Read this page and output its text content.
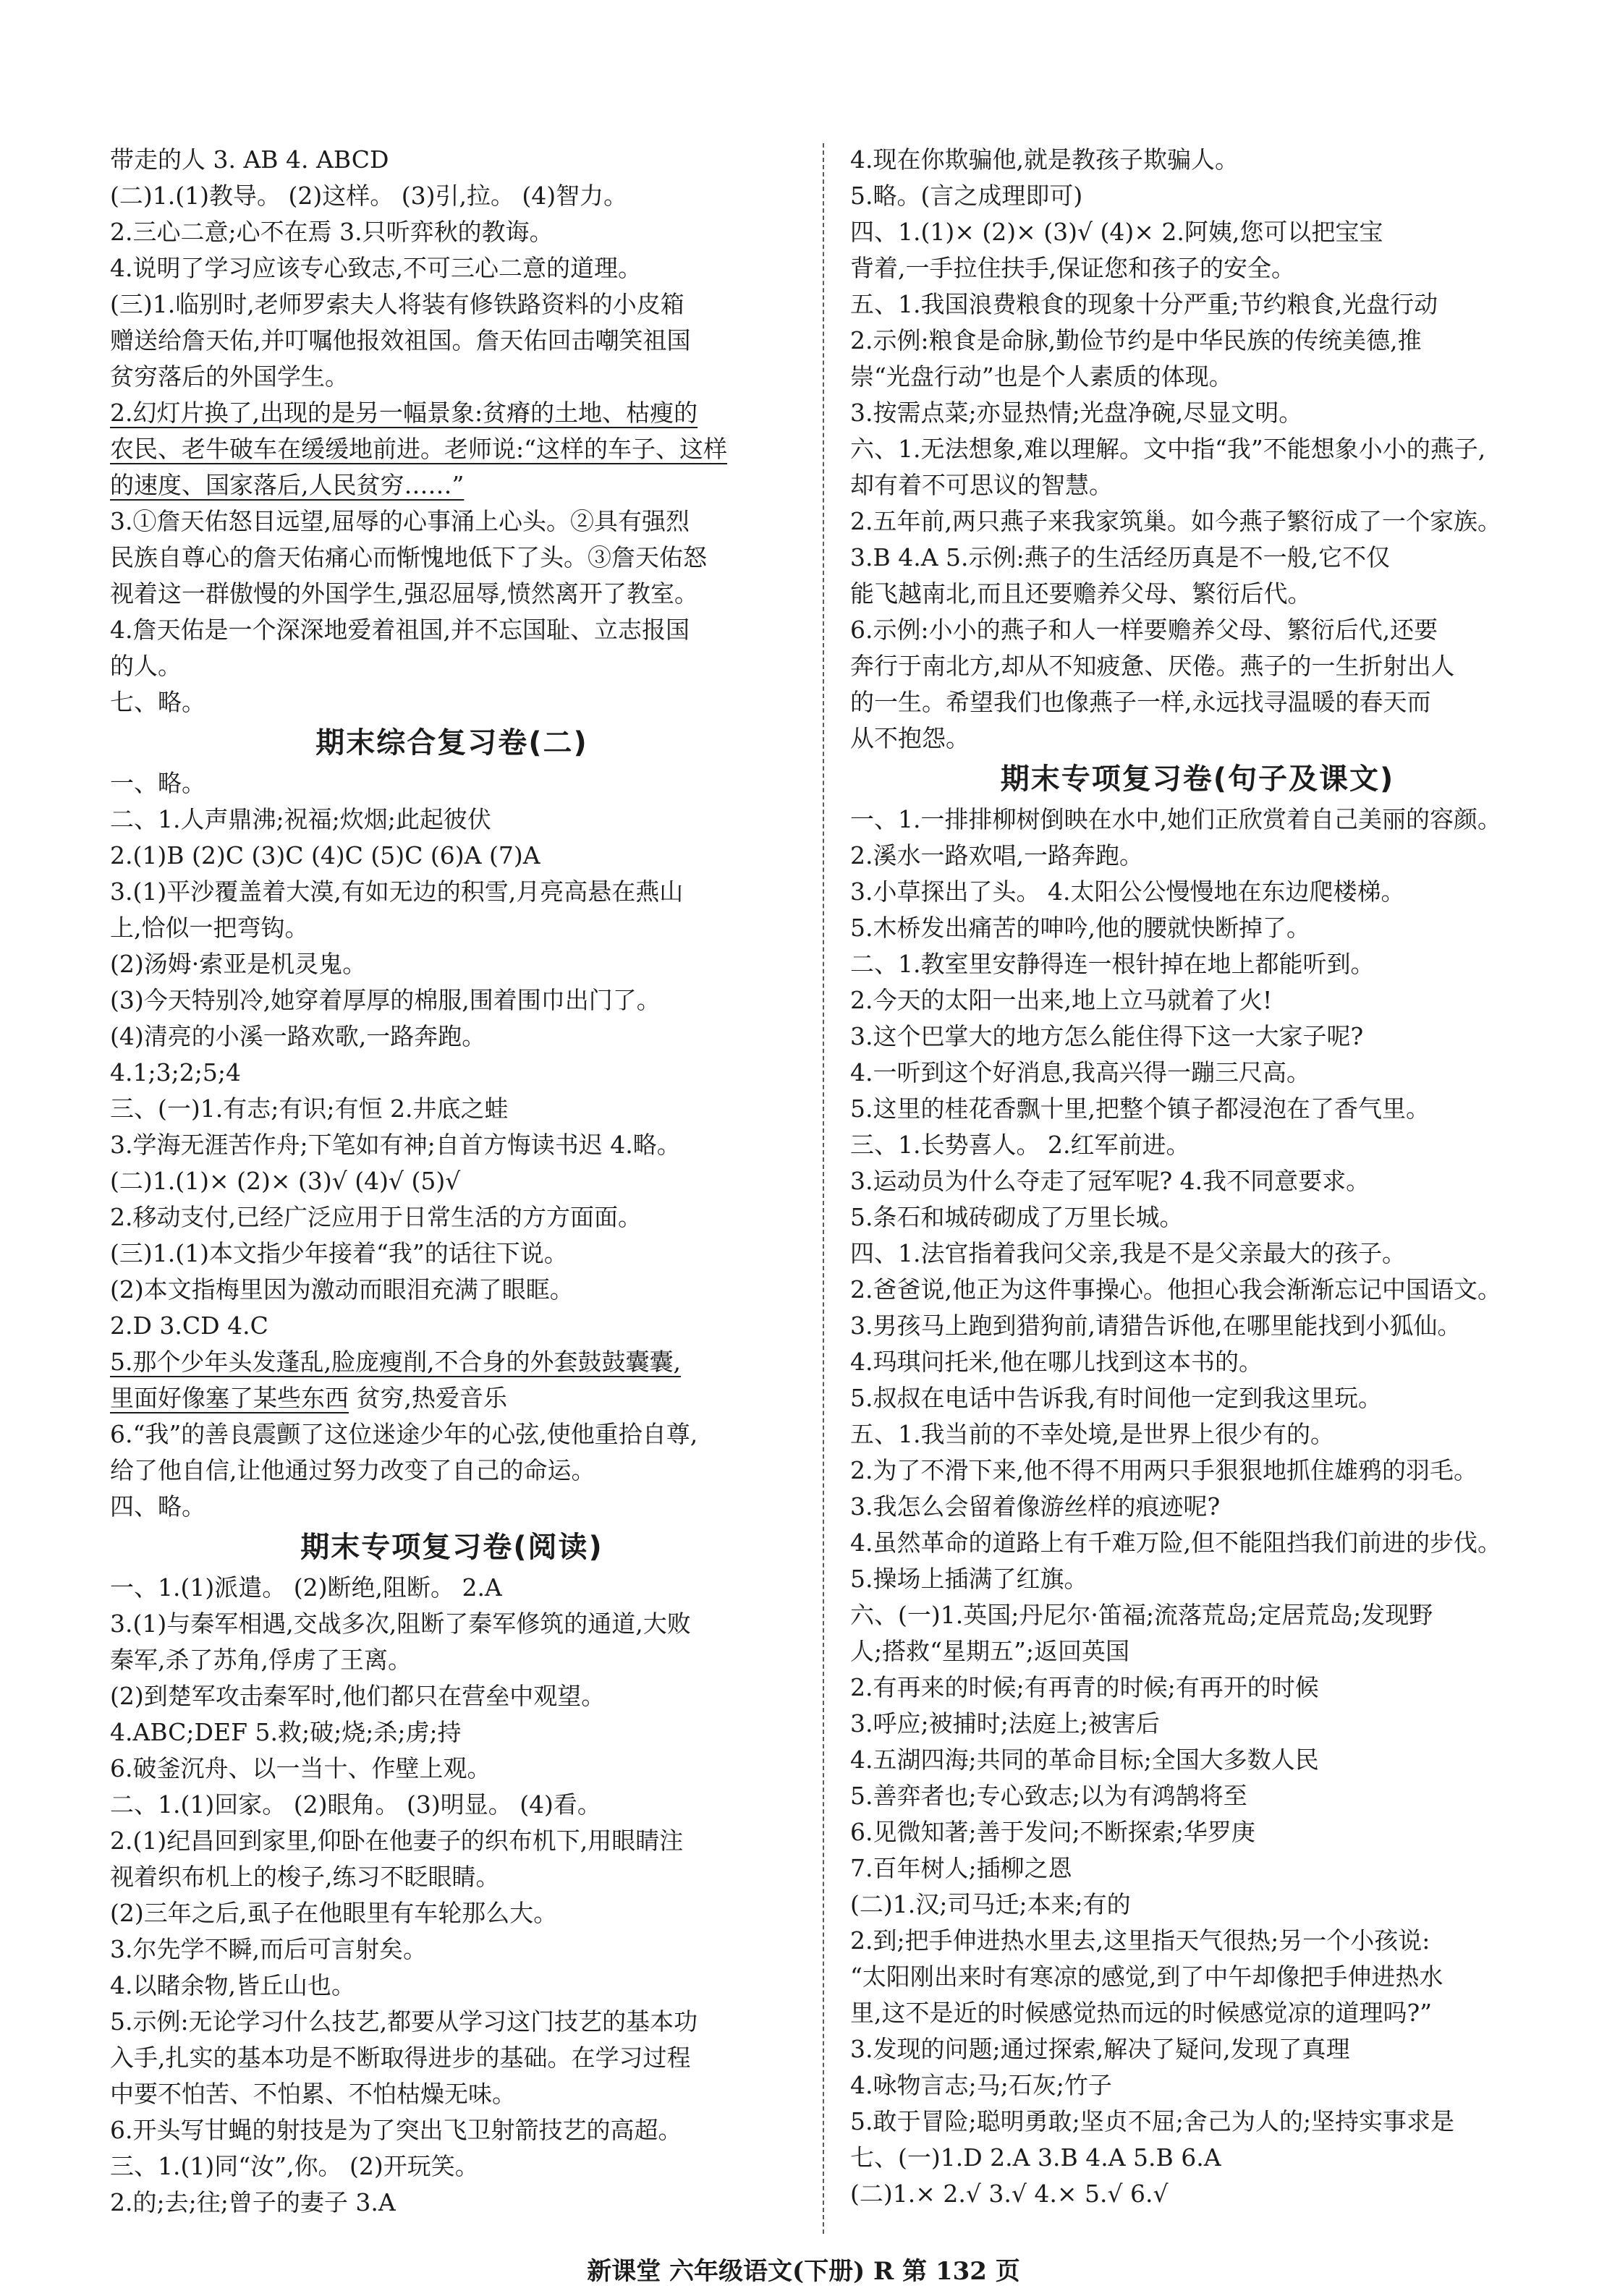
带走的人 3. AB 4. ABCD
(二)1.(1)教导。 (2)这样。 (3)引,拉。 (4)智力。
2.三心二意;心不在焉 3.只听弈秋的教诲。
4.说明了学习应该专心致志,不可三心二意的道理。
(三)1.临别时,老师罗索夫人将装有修铁路资料的小皮箱
赠送给詹天佑,并叮嘱他报效祖国。詹天佑回击嘲笑祖国
贫穷落后的外国学生。
2.幻灯片换了,出现的是另一幅景象:贫瘠的土地、枯瘦的
农民、老牛破车在缓缓地前进。老师说:“这样的车子、这样
的速度、国家落后,人民贫穷……”
3.①詹天佑怒目远望,屈辱的心事涌上心头。②具有强烈
民族自尊心的詹天佑痛心而惭愧地低下了头。③詹天佑怒
视着这一群傲慢的外国学生,强忍屈辱,愤然离开了教室。
4.詹天佑是一个深深地爱着祖国,并不忘国耻、立志报国
的人。
七、略。
期末综合复习卷(二)
一、略。
二、1.人声鼎沸;祝福;炊烟;此起彼伏
2.(1)B (2)C (3)C (4)C (5)C (6)A (7)A
3.(1)平沙覆盖着大漠,有如无边的积雪,月亮高悬在燕山
上,恰似一把弯钩。
(2)汤姆·索亚是机灵鬼。
(3)今天特别冷,她穿着厚厚的棉服,围着围巾出门了。
(4)清亮的小溪一路欢歌,一路奔跑。
4.1;3;2;5;4
三、(一)1.有志;有识;有恒 2.井底之蛙
3.学海无涯苦作舟;下笔如有神;自首方悔读书迟 4.略。
(二)1.(1)× (2)× (3)√ (4)√ (5)√
2.移动支付,已经广泛应用于日常生活的方方面面。
(三)1.(1)本文指少年接着“我”的话往下说。
(2)本文指梅里因为激动而眼泪充满了眼眶。
2.D 3.CD 4.C
5.那个少年头发蓬乱,脸庞瘦削,不合身的外套鼓鼓囊囊,
里面好像塞了某些东西 贫穷,热爱音乐
6.“我”的善良震颤了这位迷途少年的心弦,使他重拾自尊,
给了他自信,让他通过努力改变了自己的命运。
四、略。
期末专项复习卷(阅读)
一、1.(1)派遣。 (2)断绝,阻断。 2.A
3.(1)与秦军相遇,交战多次,阻断了秦军修筑的通道,大败
秦军,杀了苏角,俘虏了王离。
(2)到楚军攻击秦军时,他们都只在营垒中观望。
4.ABC;DEF 5.救;破;烧;杀;虏;持
6.破釜沉舟、以一当十、作壁上观。
二、1.(1)回家。 (2)眼角。 (3)明显。 (4)看。
2.(1)纪昌回到家里,仰卧在他妻子的织布机下,用眼睛注
视着织布机上的梭子,练习不眨眼睛。
(2)三年之后,虱子在他眼里有车轮那么大。
3.尔先学不瞬,而后可言射矣。
4.以睹余物,皆丘山也。
5.示例:无论学习什么技艺,都要从学习这门技艺的基本功
入手,扎实的基本功是不断取得进步的基础。在学习过程
中要不怕苦、不怕累、不怕枯燥无味。
6.开头写甘蝇的射技是为了突出飞卫射箭技艺的高超。
三、1.(1)同“汝”,你。 (2)开玩笑。
2.的;去;往;曾子的妻子 3.A
4.现在你欺骗他,就是教孩子欺骗人。
5.略。(言之成理即可)
四、1.(1)× (2)× (3)√ (4)× 2.阿姨,您可以把宝宝
背着,一手拉住扶手,保证您和孩子的安全。
五、1.我国浪费粮食的现象十分严重;节约粮食,光盘行动
2.示例:粮食是命脉,勤俭节约是中华民族的传统美德,推
崇“光盘行动”也是个人素质的体现。
3.按需点菜;亦显热情;光盘净碗,尽显文明。
六、1.无法想象,难以理解。文中指“我”不能想象小小的燕子,
却有着不可思议的智慧。
2.五年前,两只燕子来我家筑巢。如今燕子繁衍成了一个家族。
3.B 4.A 5.示例:燕子的生活经历真是不一般,它不仅
能飞越南北,而且还要赡养父母、繁衍后代。
6.示例:小小的燕子和人一样要赡养父母、繁衍后代,还要
奔行于南北方,却从不知疲惫、厌倦。燕子的一生折射出人
的一生。希望我们也像燕子一样,永远找寻温暖的春天而
从不抱怨。
期末专项复习卷(句子及课文)
一、1.一排排柳树倒映在水中,她们正欣赏着自己美丽的容颜。
2.溪水一路欢唱,一路奔跑。
3.小草探出了头。 4.太阳公公慢慢地在东边爬楼梯。
5.木桥发出痛苦的呻吟,他的腰就快断掉了。
二、1.教室里安静得连一根针掉在地上都能听到。
2.今天的太阳一出来,地上立马就着了火!
3.这个巴掌大的地方怎么能住得下这一大家子呢?
4.一听到这个好消息,我高兴得一蹦三尺高。
5.这里的桂花香飘十里,把整个镇子都浸泡在了香气里。
三、1.长势喜人。 2.红军前进。
3.运动员为什么夺走了冠军呢? 4.我不同意要求。
5.条石和城砖砌成了万里长城。
四、1.法官指着我问父亲,我是不是父亲最大的孩子。
2.爸爸说,他正为这件事操心。他担心我会渐渐忘记中国语文。
3.男孩马上跑到猎狗前,请猎告诉他,在哪里能找到小狐仙。
4.玛琪问托米,他在哪儿找到这本书的。
5.叔叔在电话中告诉我,有时间他一定到我这里玩。
五、1.我当前的不幸处境,是世界上很少有的。
2.为了不滑下来,他不得不用两只手狠狠地抓住雄鸦的羽毛。
3.我怎么会留着像游丝样的痕迹呢?
4.虽然革命的道路上有千难万险,但不能阻挡我们前进的步伐。
5.操场上插满了红旗。
六、(一)1.英国;丹尼尔·笛福;流落荒岛;定居荒岛;发现野
人;搭救“星期五”;返回英国
2.有再来的时候;有再青的时候;有再开的时候
3.呼应;被捕时;法庭上;被害后
4.五湖四海;共同的革命目标;全国大多数人民
5.善弈者也;专心致志;以为有鸿鹄将至
6.见微知著;善于发问;不断探索;华罗庚
7.百年树人;插柳之恩
(二)1.汉;司马迁;本来;有的
2.到;把手伸进热水里去,这里指天气很热;另一个小孩说:
“太阳刚出来时有寒凉的感觉,到了中午却像把手伸进热水
里,这不是近的时候感觉热而远的时候感觉凉的道理吗?”
3.发现的问题;通过探索,解决了疑问,发现了真理
4.咏物言志;马;石灰;竹子
5.敢于冒险;聪明勇敢;坚贞不屈;舍己为人的;坚持实事求是
七、(一)1.D 2.A 3.B 4.A 5.B 6.A
(二)1.× 2.√ 3.√ 4.× 5.√ 6.√
新课堂 六年级语文(下册) R 第 132 页
